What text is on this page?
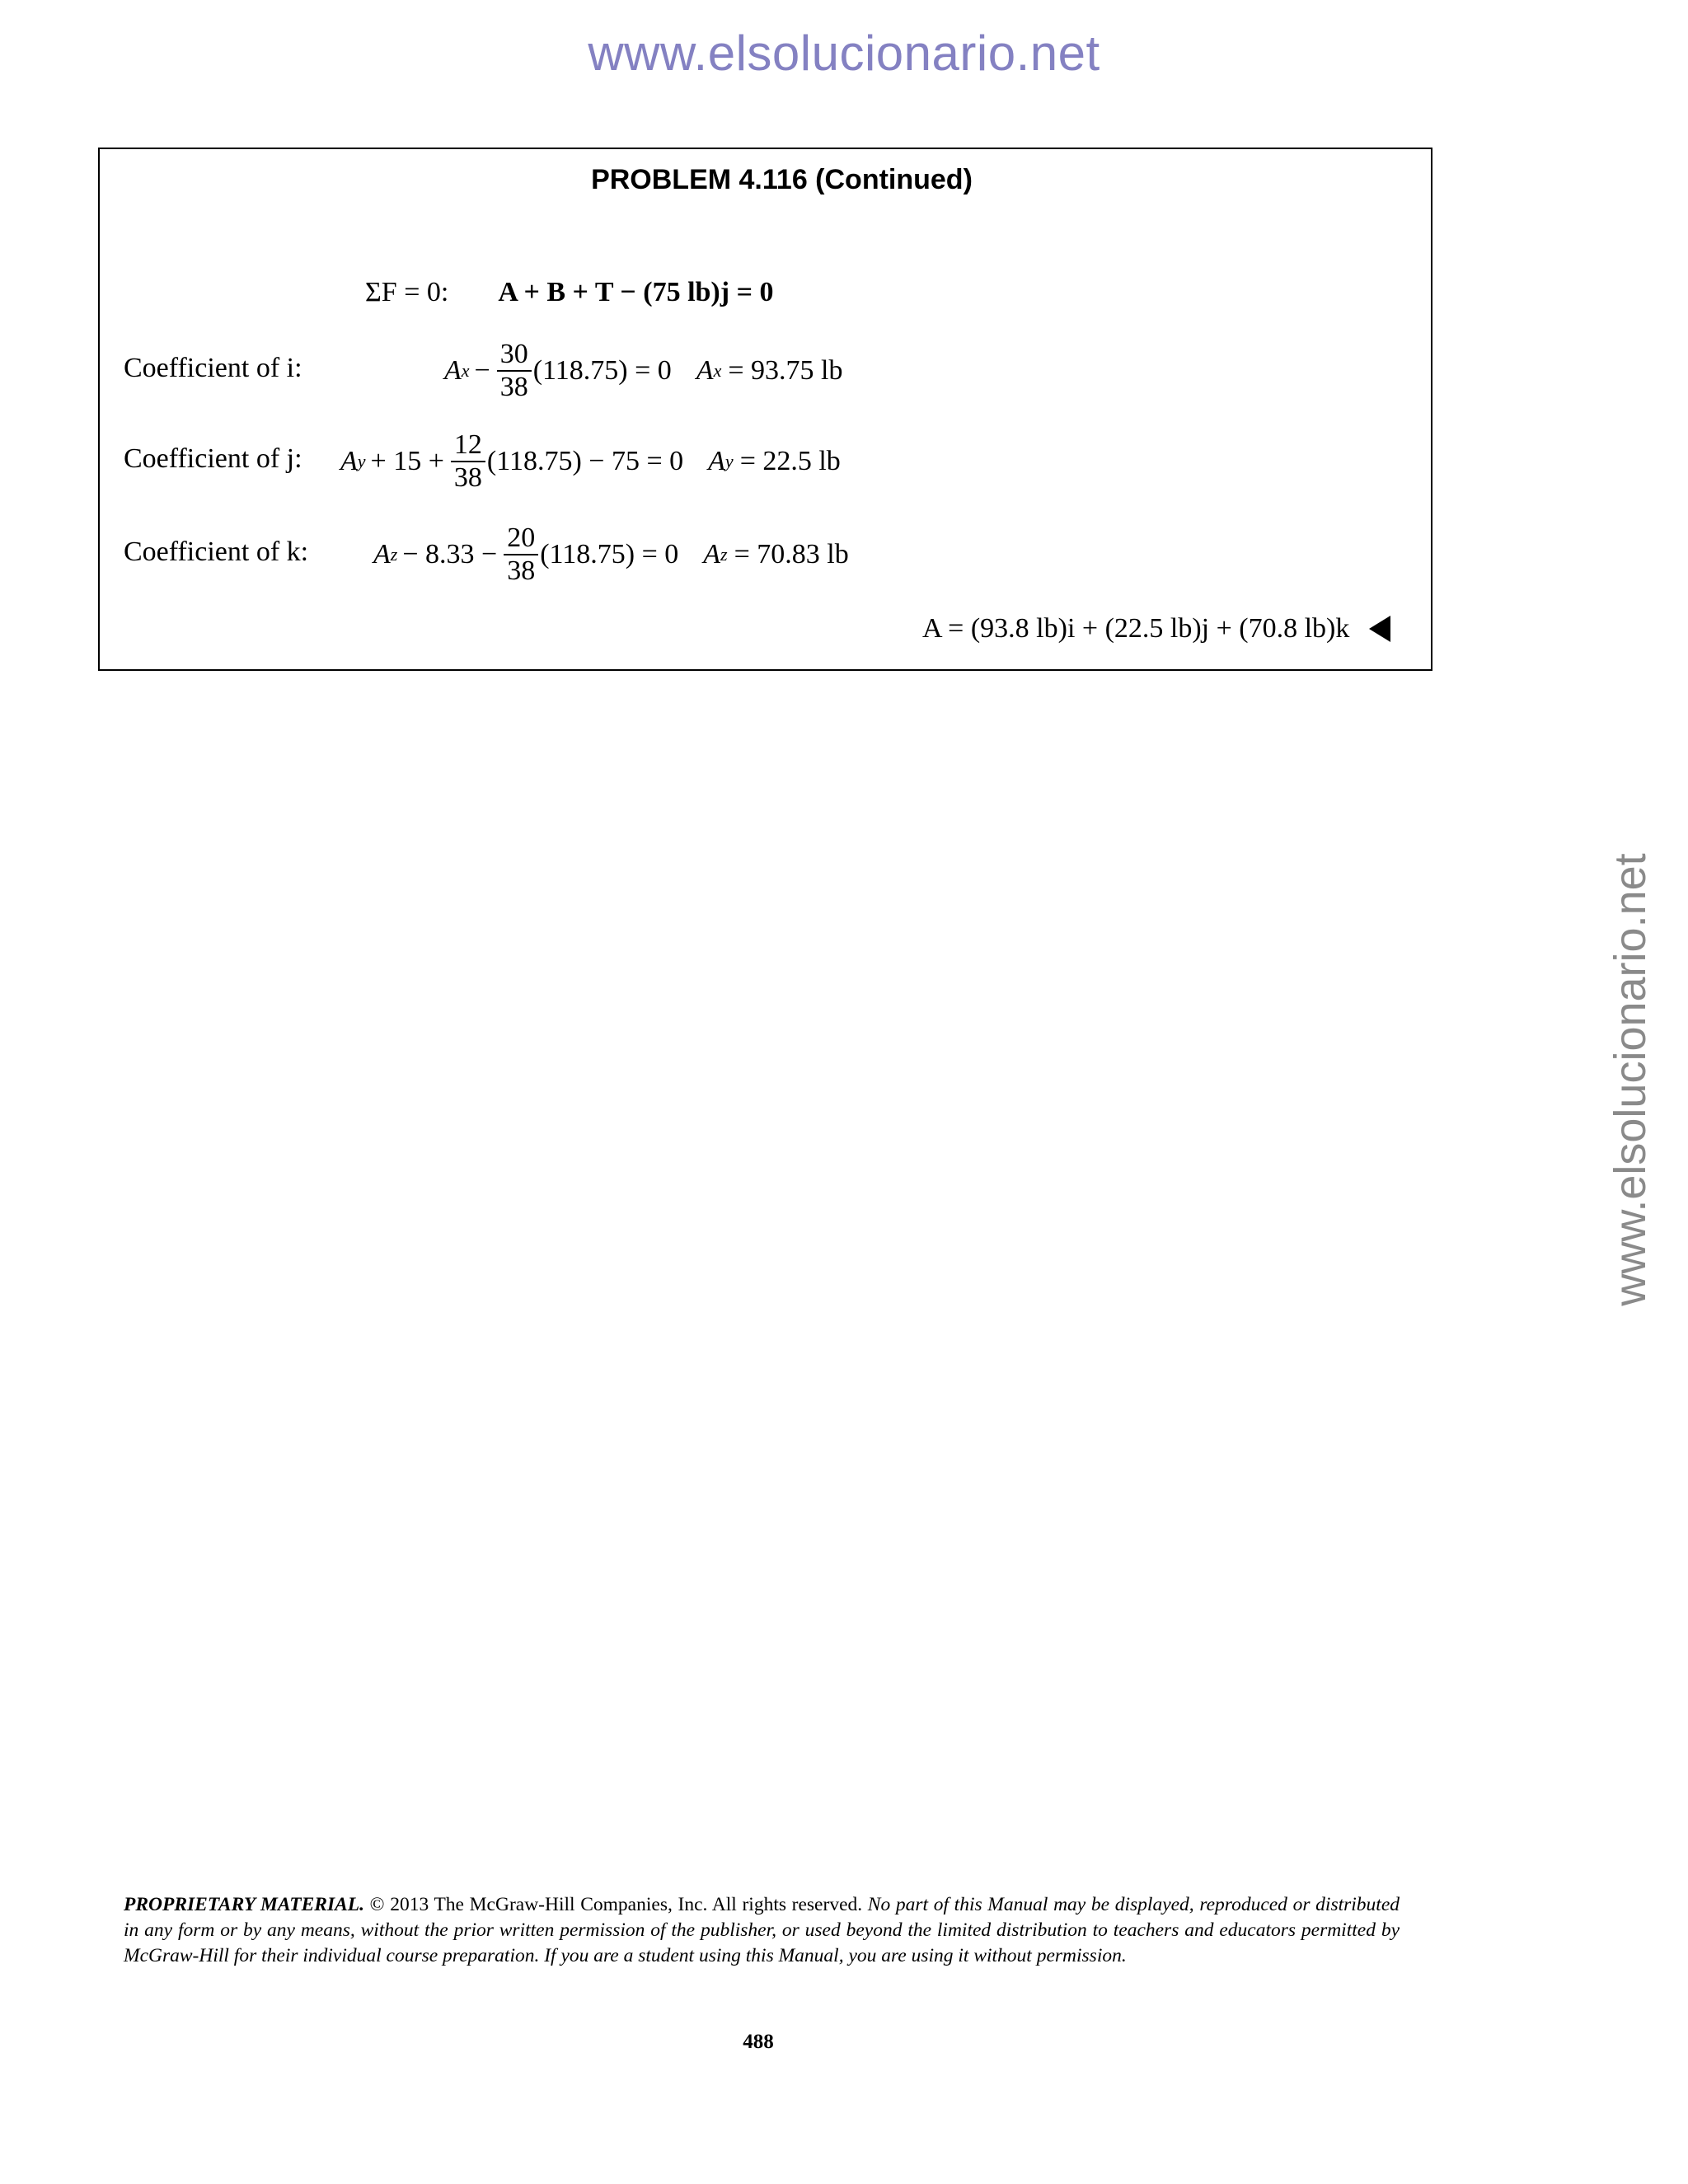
www.elsolucionario.net
www.elsolucionario.net
PROBLEM 4.116 (Continued)
ΣF = 0: A + B + T − (75 lb)j = 0
Coefficient of i:	A $x - \frac{30}{38} (118.75) = 0$ A x = 93.75 lb
Coefficient of j: A $y + 15 + \frac{12}{38} (118.75) - 75 = 0$ A y = 22.5 lb
Coefficient of k: A $z - 8.33 - \frac{20}{38} (118.75) = 0$ A z = 70.83 lb
A = (93.8 lb)i + (22.5 lb)j + (70.8 lb)k
PROPRIETARY MATERIAL. © 2013 The McGraw-Hill Companies, Inc. All rights reserved. No part of this Manual may be displayed, reproduced or distributed in any form or by any means, without the prior written permission of the publisher, or used beyond the limited distribution to teachers and educators permitted by McGraw-Hill for their individual course preparation. If you are a student using this Manual, you are using it without permission.
488
